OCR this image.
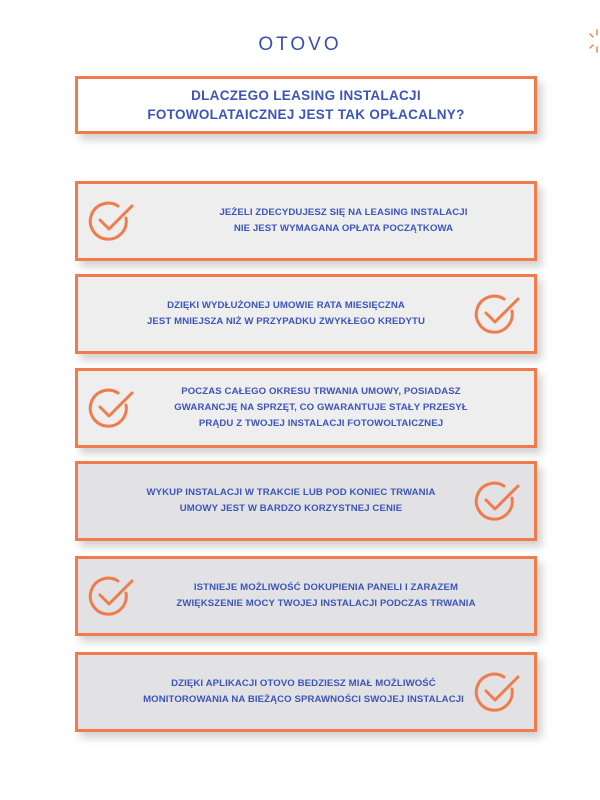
OTOVO
DLACZEGO LEASING INSTALACJI
FOTOWOLATAICZNEJ JEST TAK OPŁACALNY?
JEŻELI ZDECYDUJESZ SIĘ NA LEASING INSTALACJI
NIE JEST WYMAGANA OPŁATA POCZĄTKOWA
DZIĘKI WYDŁUŻONEJ UMOWIE RATA MIESIĘCZNA
JEST MNIEJSZA NIŻ W PRZYPADKU ZWYKŁEGO KREDYTU
POCZAS CAŁEGO OKRESU TRWANIA UMOWY, POSIADASZ
GWARANCJĘ NA SPRZĘT, CO GWARANTUJE STAŁY PRZESYŁ
PRĄDU Z TWOJEJ INSTALACJI FOTOWOLTAICZNEJ
WYKUP INSTALACJI W TRAKCIE LUB POD KONIEC TRWANIA
UMOWY JEST W BARDZO KORZYSTNEJ CENIE
ISTNIEJE MOŻLIWOŚĆ DOKUPIENIA PANELI I ZARAZEM
ZWIĘKSZENIE MOCY TWOJEJ INSTALACJI PODCZAS TRWANIA
DZIĘKI APLIKACJI OTOVO BEDZIESZ MIAŁ MOŻLIWOŚĆ
MONITOROWANIA NA BIEŻĄCO SPRAWNOŚCI SWOJEJ INSTALACJI
